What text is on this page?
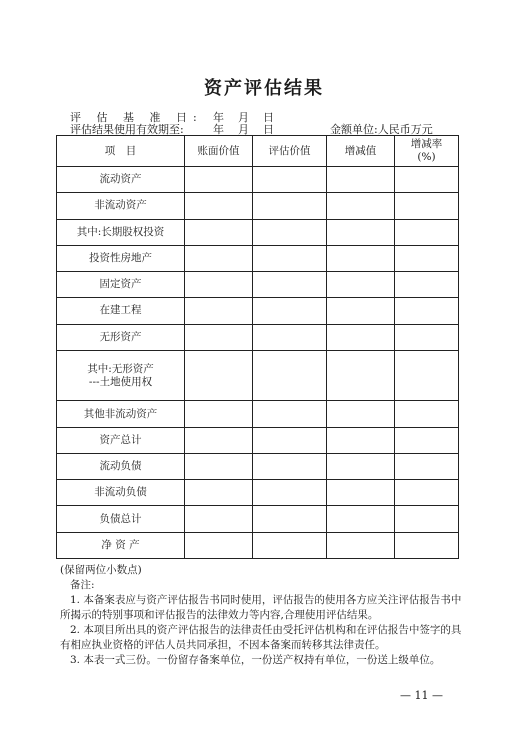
资产评估结果
评 估 基 准 日: 年 月 日
评估结果使用有效期至:	年 月 日	金额单位:人民币万元
项　目	账面价值	评估价值	增减值	增减率
(%)

流动资产				
非流动资产				
其中:长期股权投资				
投资性房地产				
固定资产				
在建工程				
无形资产				

其中:无形资产
---土地使用权				

其他非流动资产				
资产总计				
流动负债				
非流动负债				
负债总计				
净 资 产				

(保留两位小数点)

备注:

1. 本备案表应与资产评估报告书同时使用，评估报告的使用各方应关注评估报告书中所揭示的特别事项和评估报告的法律效力等内容,合理使用评估结果。

2. 本项目所出具的资产评估报告的法律责任由受托评估机构和在评估报告中签字的具有相应执业资格的评估人员共同承担，不因本备案而转移其法律责任。

3. 本表一式三份。一份留存备案单位，一份送产权持有单位，一份送上级单位。

— 11 —
